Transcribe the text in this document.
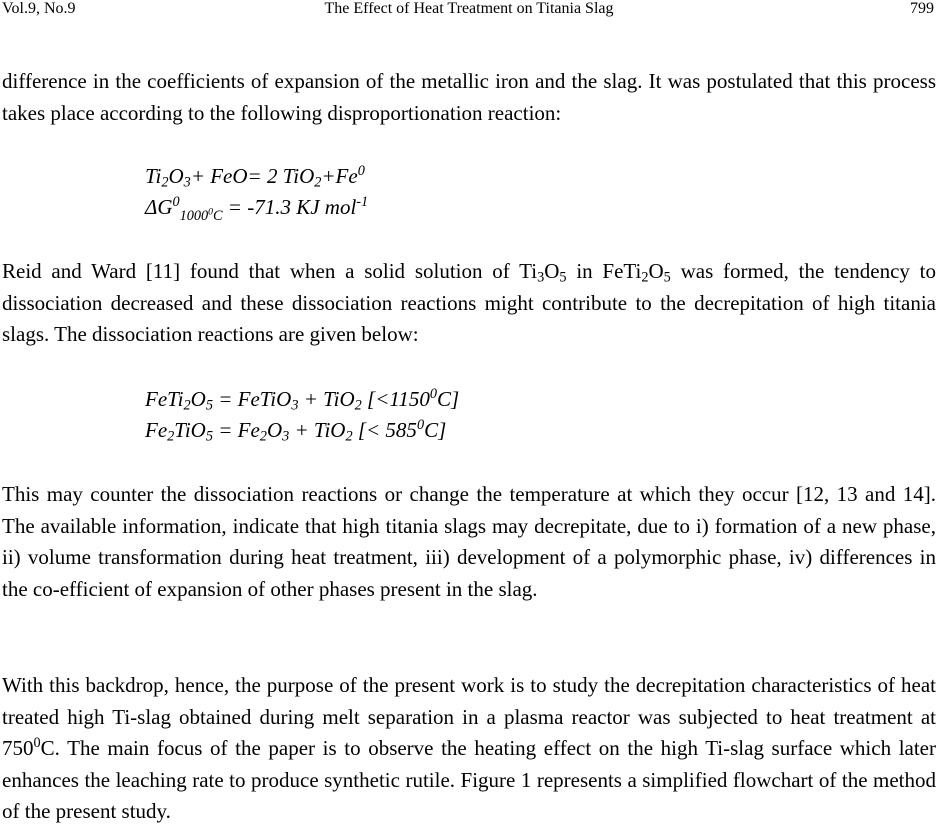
Vol.9, No.9	The Effect of Heat Treatment on Titania Slag	799

difference in the coefficients of expansion of the metallic iron and the slag. It was postulated that this process takes place according to the following disproportionation reaction:

$Ti_2O_3+ FeO= 2$ $TiO_2+Fe^0$
$\Delta G^0_{1000^0C} = -71.3$ KJ mol$^{-1}$

Reid and Ward [11] found that when a solid solution of $Ti_3O_5$ in $FeTi_2O_5$ was formed, the tendency to dissociation decreased and these dissociation reactions might contribute to the decrepitation of high titania slags. The dissociation reactions are given below:

$FeTi_2O_5$ = FeTiO$_3$ + TiO$_2$ $[<1150^0C]$
$Fe_2TiO_5 = Fe_2O_3 + TiO_2$ [< $585^0C$]

This may counter the dissociation reactions or change the temperature at which they occur [12, 13 and 14]. The available information, indicate that high titania slags may decrepitate, due to i) formation of a new phase, ii) volume transformation during heat treatment, iii) development of a polymorphic phase, iv) differences in the co-efficient of expansion of other phases present in the slag.

With this backdrop, hence, the purpose of the present work is to study the decrepitation characteristics of heat treated high Ti-slag obtained during melt separation in a plasma reactor was subjected to heat treatment at $750^0C$. The main focus of the paper is to observe the heating effect on the high Ti-slag surface which later enhances the leaching rate to produce synthetic rutile. Figure 1 represents a simplified flowchart of the method of the present study.
